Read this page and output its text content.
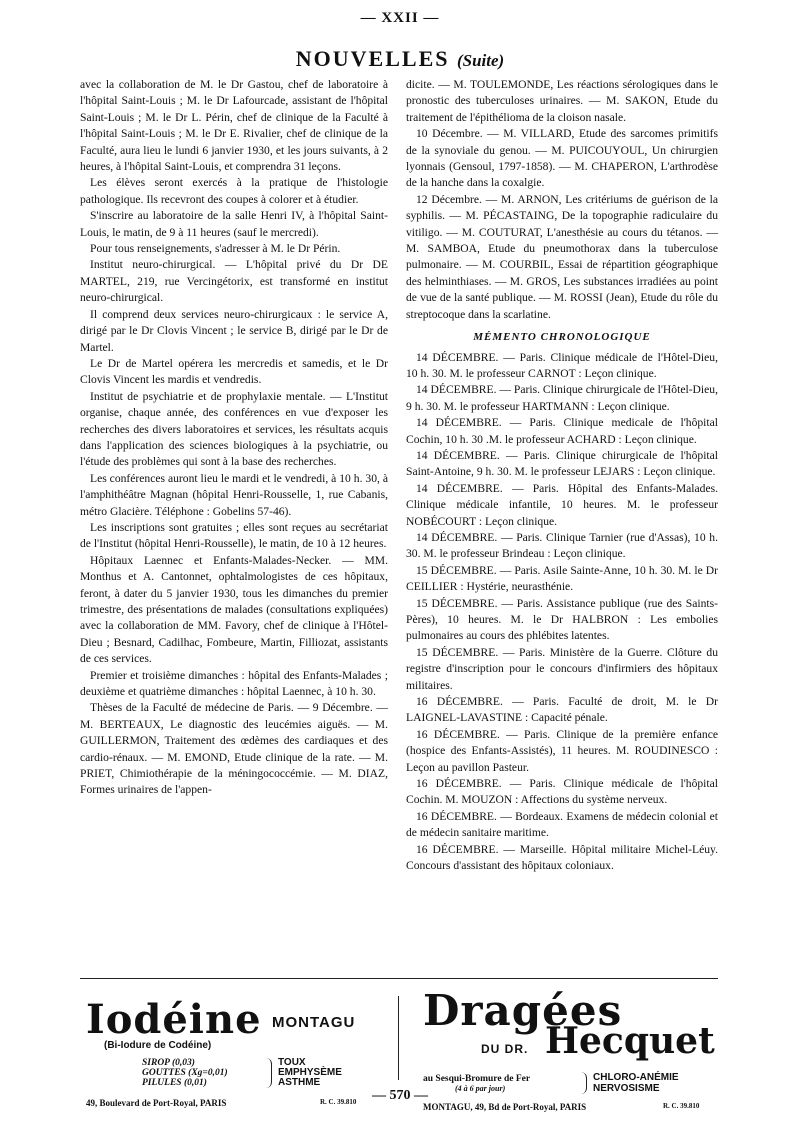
— XXII —
NOUVELLES (Suite)

avec la collaboration de M. le Dr Gastou, chef de laboratoire à l'hôpital Saint-Louis ; M. le Dr Lafourcade, assistant de l'hôpital Saint-Louis ; M. le Dr L. Périn, chef de clinique de la Faculté à l'hôpital Saint-Louis ; M. le Dr E. Rivalier, chef de clinique de la Faculté, aura lieu le lundi 6 janvier 1930, et les jours suivants, à 2 heures, à l'hôpital Saint-Louis, et comprendra 31 leçons.

Les élèves seront exercés à la pratique de l'histologie pathologique. Ils recevront des coupes à colorer et à étudier.

S'inscrire au laboratoire de la salle Henri IV, à l'hôpital Saint-Louis, le matin, de 9 à 11 heures (sauf le mercredi).

Pour tous renseignements, s'adresser à M. le Dr Périn.

Institut neuro-chirurgical. — L'hôpital privé du Dr DE MARTEL, 219, rue Vercingétorix, est transformé en institut neuro-chirurgical.

Il comprend deux services neuro-chirurgicaux : le service A, dirigé par le Dr Clovis Vincent ; le service B, dirigé par le Dr de Martel.

Le Dr de Martel opérera les mercredis et samedis, et le Dr Clovis Vincent les mardis et vendredis.

Institut de psychiatrie et de prophylaxie mentale. — L'Institut organise, chaque année, des conférences en vue d'exposer les recherches des divers laboratoires et services, les résultats acquis dans l'application des sciences biologiques à la psychiatrie, ou l'étude des problèmes qui sont à la base des recherches.

Les conférences auront lieu le mardi et le vendredi, à 10 h. 30, à l'amphithéâtre Magnan (hôpital Henri-Rousselle, 1, rue Cabanis, métro Glacière. Téléphone : Gobelins 57-46).

Les inscriptions sont gratuites ; elles sont reçues au secrétariat de l'Institut (hôpital Henri-Rousselle), le matin, de 10 à 12 heures.

Hôpitaux Laennec et Enfants-Malades-Necker. — MM. Monthus et A. Cantonnet, ophtalmologistes de ces hôpitaux, feront, à dater du 5 janvier 1930, tous les dimanches du premier trimestre, des présentations de malades (consultations expliquées) avec la collaboration de MM. Favory, chef de clinique à l'Hôtel-Dieu ; Besnard, Cadilhac, Fombeure, Martin, Filliozat, assistants de ces services.

Premier et troisième dimanches : hôpital des Enfants-Malades ; deuxième et quatrième dimanches : hôpital Laennec, à 10 h. 30.

Thèses de la Faculté de médecine de Paris. — 9 Décembre. — M. BERTEAUX, Le diagnostic des leucémies aiguës. — M. GUILLERMON, Traitement des œdèmes des cardiaques et des cardio-rénaux. — M. EMOND, Etude clinique de la rate. — M. PRIET, Chimiothérapie de la méningococcémie. — M. DIAZ, Formes urinaires de l'appen-

dicite. — M. TOULEMONDE, Les réactions sérologiques dans le pronostic des tuberculoses urinaires. — M. SAKON, Etude du traitement de l'épithélioma de la cloison nasale.

10 Décembre. — M. VILLARD, Etude des sarcomes primitifs de la synoviale du genou. — M. PUICOUYOUL, Un chirurgien lyonnais (Gensoul, 1797-1858). — M. CHAPERON, L'arthrodèse de la hanche dans la coxalgie.

12 Décembre. — M. ARNON, Les critériums de guérison de la syphilis. — M. PÉCASTAING, De la topographie radiculaire du vitiligo. — M. COUTURAT, L'anesthésie au cours du tétanos. — M. SAMBOA, Etude du pneumothorax dans la tuberculose pulmonaire. — M. COURBIL, Essai de répartition géographique des helminthiases. — M. GROS, Les substances irradiées au point de vue de la santé publique. — M. ROSSI (Jean), Etude du rôle du streptocoque dans la scarlatine.

MÉMENTO CHRONOLOGIQUE

14 DÉCEMBRE. — Paris. Clinique médicale de l'Hôtel-Dieu, 10 h. 30. M. le professeur CARNOT : Leçon clinique.

14 DÉCEMBRE. — Paris. Clinique chirurgicale de l'Hôtel-Dieu, 9 h. 30. M. le professeur HARTMANN : Leçon clinique.

14 DÉCEMBRE. — Paris. Clinique medicale de l'hôpital Cochin, 10 h. 30 .M. le professeur ACHARD : Leçon clinique.

14 DÉCEMBRE. — Paris. Clinique chirurgicale de l'hôpital Saint-Antoine, 9 h. 30. M. le professeur LEJARS : Leçon clinique.

14 DÉCEMBRE. — Paris. Hôpital des Enfants-Malades. Clinique médicale infantile, 10 heures. M. le professeur NOBÉCOURT : Leçon clinique.

14 DÉCEMBRE. — Paris. Clinique Tarnier (rue d'Assas), 10 h. 30. M. le professeur Brindeau : Leçon clinique.

15 DÉCEMBRE. — Paris. Asile Sainte-Anne, 10 h. 30. M. le Dr CEILLIER : Hystérie, neurasthénie.

15 DÉCEMBRE. — Paris. Assistance publique (rue des Saints-Pères), 10 heures. M. le Dr HALBRON : Les embolies pulmonaires au cours des phlébites latentes.

15 DÉCEMBRE. — Paris. Ministère de la Guerre. Clôture du registre d'inscription pour le concours d'infirmiers des hôpitaux militaires.

16 DÉCEMBRE. — Paris. Faculté de droit, M. le Dr LAIGNEL-LAVASTINE : Capacité pénale.

16 DÉCEMBRE. — Paris. Clinique de la première enfance (hospice des Enfants-Assistés), 11 heures. M. ROUDINESCO : Leçon au pavillon Pasteur.

16 DÉCEMBRE. — Paris. Clinique médicale de l'hôpital Cochin. M. MOUZON : Affections du système nerveux.

16 DÉCEMBRE. — Bordeaux. Examens de médecin colonial et de médecin sanitaire maritime.

16 DÉCEMBRE. — Marseille. Hôpital militaire Michel-Léuy. Concours d'assistant des hôpitaux coloniaux.

Iodéine MONTAGU
(Bi-Iodure de Codéine)
SIROP (0,03)
GOUTTES (Xg=0,01)
PILULES (0,01)
TOUX
EMPHYSÈME
ASTHME
49, Boulevard de Port-Royal, PARIS	R. C. 39.810
Dragées
DU DR. Hecquet
au Sesqui-Bromure de Fer
(4 à 6 par jour)
CHLORO-ANÉMIE
NERVOSISME
MONTAGU, 49, Bd de Port-Royal, PARIS	R. C. 39.810
— 570 —
